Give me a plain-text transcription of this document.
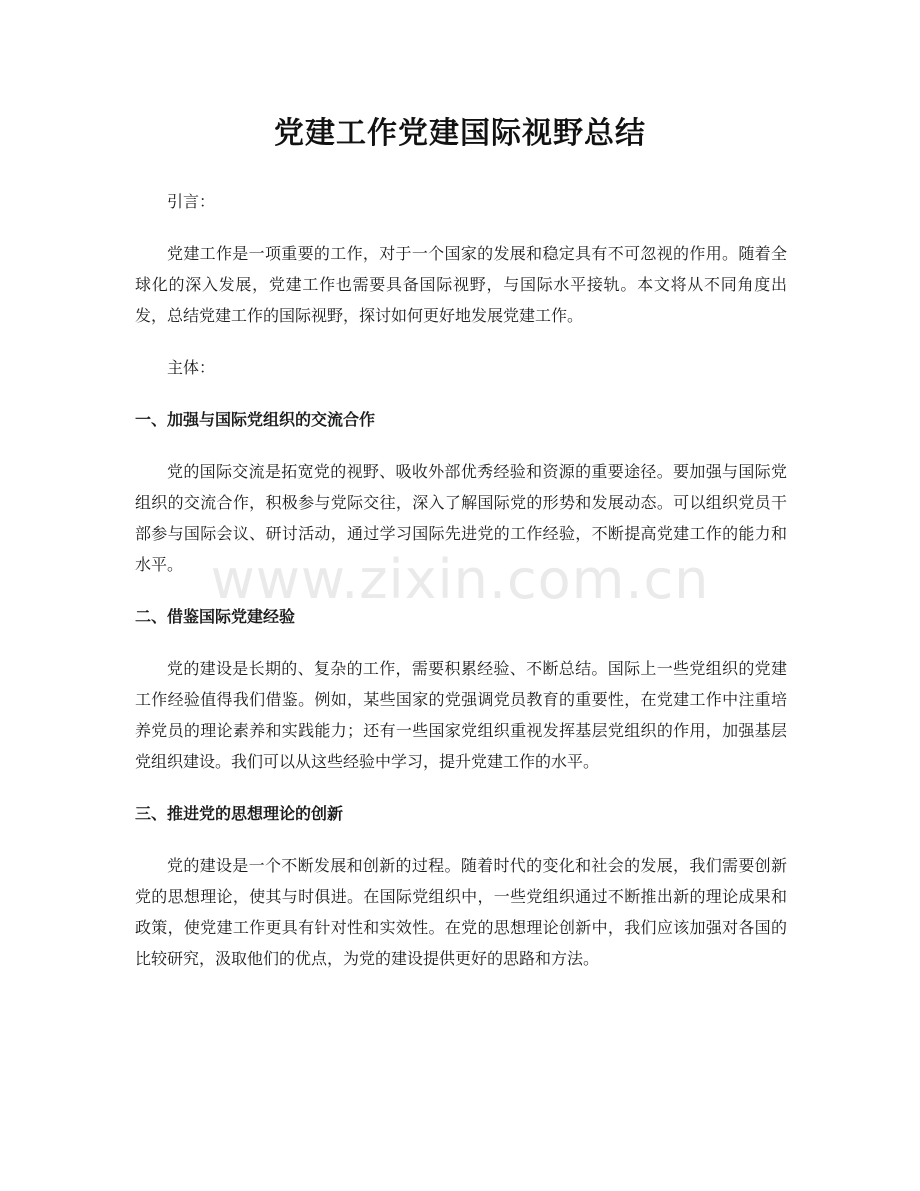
党建工作党建国际视野总结

引言：

党建工作是一项重要的工作，对于一个国家的发展和稳定具有不可忽视的作用。随着全球化的深入发展，党建工作也需要具备国际视野，与国际水平接轨。本文将从不同角度出发，总结党建工作的国际视野，探讨如何更好地发展党建工作。

主体：

一、加强与国际党组织的交流合作

党的国际交流是拓宽党的视野、吸收外部优秀经验和资源的重要途径。要加强与国际党组织的交流合作，积极参与党际交往，深入了解国际党的形势和发展动态。可以组织党员干部参与国际会议、研讨活动，通过学习国际先进党的工作经验，不断提高党建工作的能力和水平。

二、借鉴国际党建经验

党的建设是长期的、复杂的工作，需要积累经验、不断总结。国际上一些党组织的党建工作经验值得我们借鉴。例如，某些国家的党强调党员教育的重要性，在党建工作中注重培养党员的理论素养和实践能力；还有一些国家党组织重视发挥基层党组织的作用，加强基层党组织建设。我们可以从这些经验中学习，提升党建工作的水平。

三、推进党的思想理论的创新

党的建设是一个不断发展和创新的过程。随着时代的变化和社会的发展，我们需要创新党的思想理论，使其与时俱进。在国际党组织中，一些党组织通过不断推出新的理论成果和政策，使党建工作更具有针对性和实效性。在党的思想理论创新中，我们应该加强对各国的比较研究，汲取他们的优点，为党的建设提供更好的思路和方法。

www.zixin.com.cn
